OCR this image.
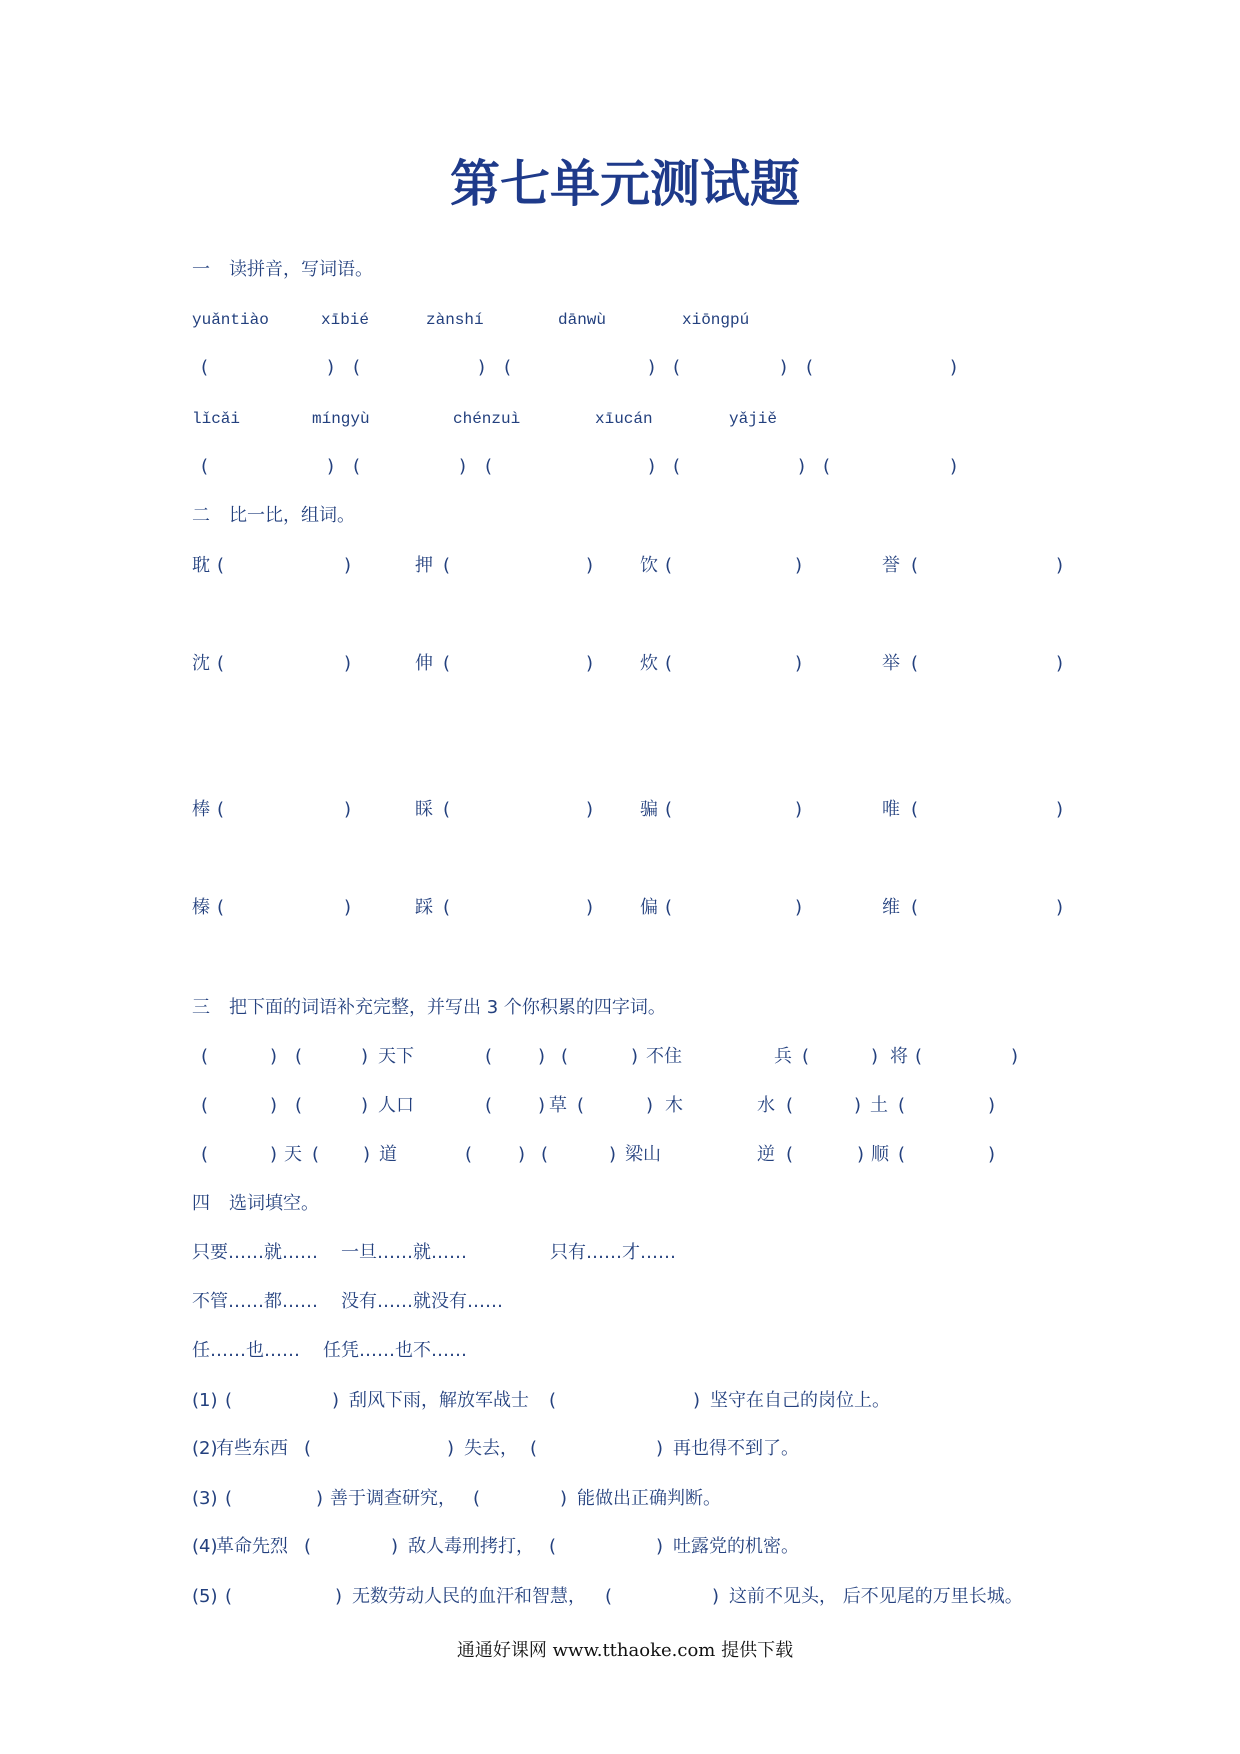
第七单元测试题
一 读拼音，写词语。
yuǎntiào	xībié	zànshí	dānwù	xiōngpú
(	) (	) (	) (	) (	)
lǐcǎi	míngyù	chénzuì	xīucán	yǎjiě
(	) (	) (	) (	) (	)
二 比一比，组词。
耽 (	)	押 (	)	饮 (	)	誉 (	)
沈 (	)	伸 (	)	炊 (	)	举 (	)
棒 (	)	睬 (	)	骗 (	)	唯 (	)
榛 (	)	踩 (	)	偏 (	)	维 (	)
三 把下面的词语补充完整，并写出 3 个你积累的四字词。
(	) (	) 天下	(	) (	) 不住	兵 (	) 将 (	)
(	) (	) 人口	(	) 草 (	) 木	水 (	) 土 (	)
(	) 天 ( ) 道	(	) (	) 梁山	逆 (	) 顺 (	)
四 选词填空。
只要……就…… 一旦……就……	只有……才……
不管……都…… 没有……就没有……
任……也…… 任凭……也不……
(1) (	) 刮风下雨，解放军战士 (	) 坚守在自己的岗位上。
(2)
有些东西 (	) 失去， (	) 再也得不到了。
(3) (	) 善于调查研究， (	) 能做出正确判断。
(4)
革命先烈 (	) 敌人毒刑拷打， (	) 吐露党的机密。
(5) (	) 无数劳动人民的血汗和智慧， (	) 这前不见头， 后不见尾的万里长城。
通通好课网 www.tthaoke.com 提供下载
